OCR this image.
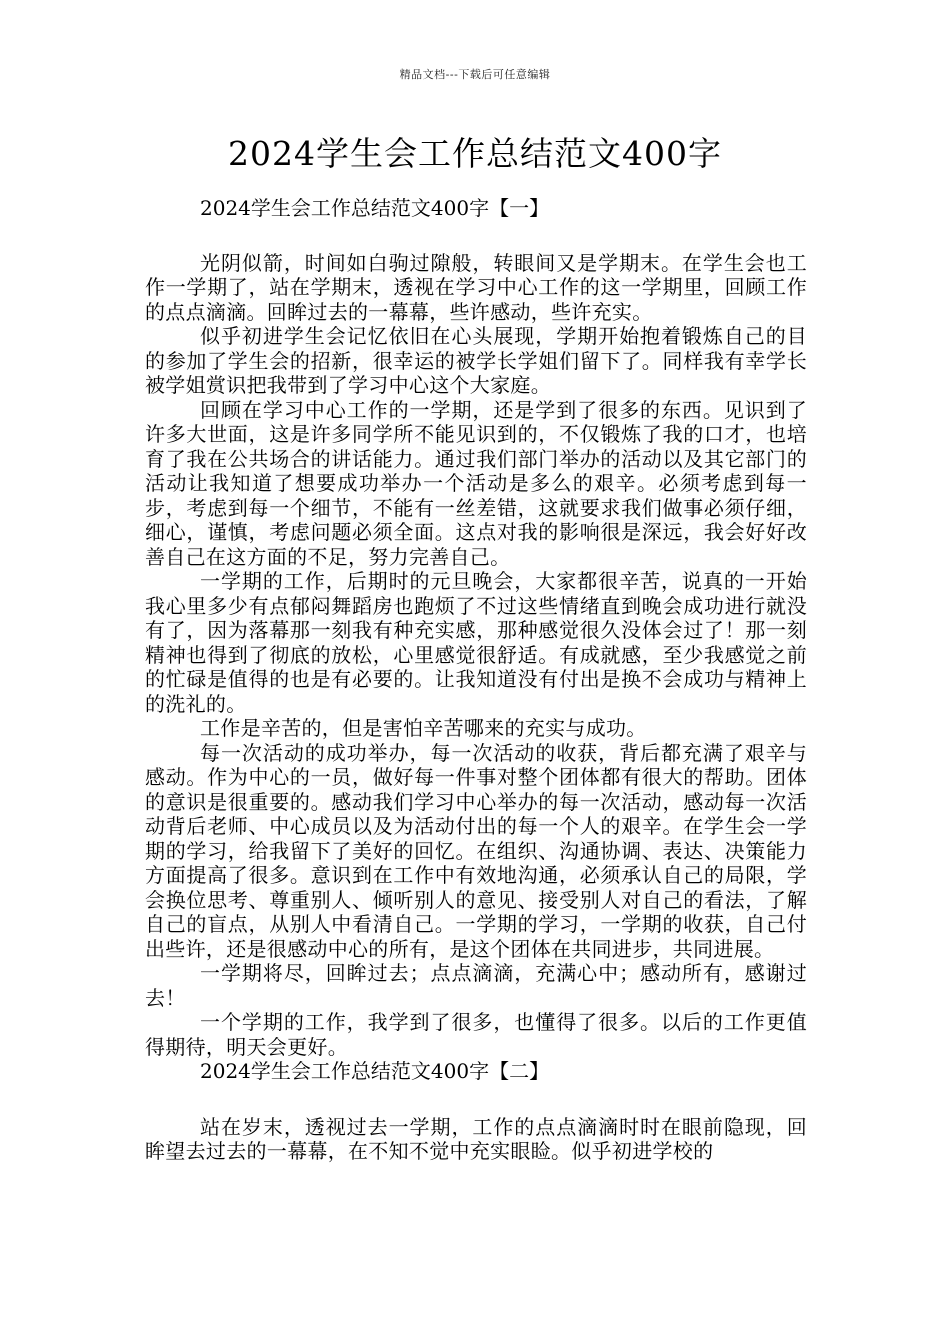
精品文档---下载后可任意编辑
2024学生会工作总结范文400字

2024学生会工作总结范文400字【一】

光阴似箭，时间如白驹过隙般，转眼间又是学期末。在学生会也工作一学期了，站在学期末，透视在学习中心工作的这一学期里，回顾工作的点点滴滴。回眸过去的一幕幕，些许感动，些许充实。

似乎初进学生会记忆依旧在心头展现，学期开始抱着锻炼自己的目的参加了学生会的招新，很幸运的被学长学姐们留下了。同样我有幸学长被学姐赏识把我带到了学习中心这个大家庭。

回顾在学习中心工作的一学期，还是学到了很多的东西。见识到了许多大世面，这是许多同学所不能见识到的，不仅锻炼了我的口才，也培育了我在公共场合的讲话能力。通过我们部门举办的活动以及其它部门的活动让我知道了想要成功举办一个活动是多么的艰辛。必须考虑到每一步，考虑到每一个细节，不能有一丝差错，这就要求我们做事必须仔细，细心，谨慎，考虑问题必须全面。这点对我的影响很是深远，我会好好改善自己在这方面的不足，努力完善自己。

一学期的工作，后期时的元旦晚会，大家都很辛苦，说真的一开始我心里多少有点郁闷舞蹈房也跑烦了不过这些情绪直到晚会成功进行就没有了，因为落幕那一刻我有种充实感，那种感觉很久没体会过了！那一刻精神也得到了彻底的放松，心里感觉很舒适。有成就感，至少我感觉之前的忙碌是值得的也是有必要的。让我知道没有付出是换不会成功与精神上的洗礼的。

工作是辛苦的，但是害怕辛苦哪来的充实与成功。

每一次活动的成功举办，每一次活动的收获，背后都充满了艰辛与感动。作为中心的一员，做好每一件事对整个团体都有很大的帮助。团体的意识是很重要的。感动我们学习中心举办的每一次活动，感动每一次活动背后老师、中心成员以及为活动付出的每一个人的艰辛。在学生会一学期的学习，给我留下了美好的回忆。在组织、沟通协调、表达、决策能力方面提高了很多。意识到在工作中有效地沟通，必须承认自己的局限，学会换位思考、尊重别人、倾听别人的意见、接受别人对自己的看法，了解自己的盲点，从别人中看清自己。一学期的学习，一学期的收获，自己付出些许，还是很感动中心的所有，是这个团体在共同进步，共同进展。

一学期将尽，回眸过去；点点滴滴，充满心中；感动所有，感谢过去！

一个学期的工作，我学到了很多，也懂得了很多。以后的工作更值得期待，明天会更好。

2024学生会工作总结范文400字【二】

站在岁末，透视过去一学期，工作的点点滴滴时时在眼前隐现，回眸望去过去的一幕幕，在不知不觉中充实眼睑。似乎初进学校的
